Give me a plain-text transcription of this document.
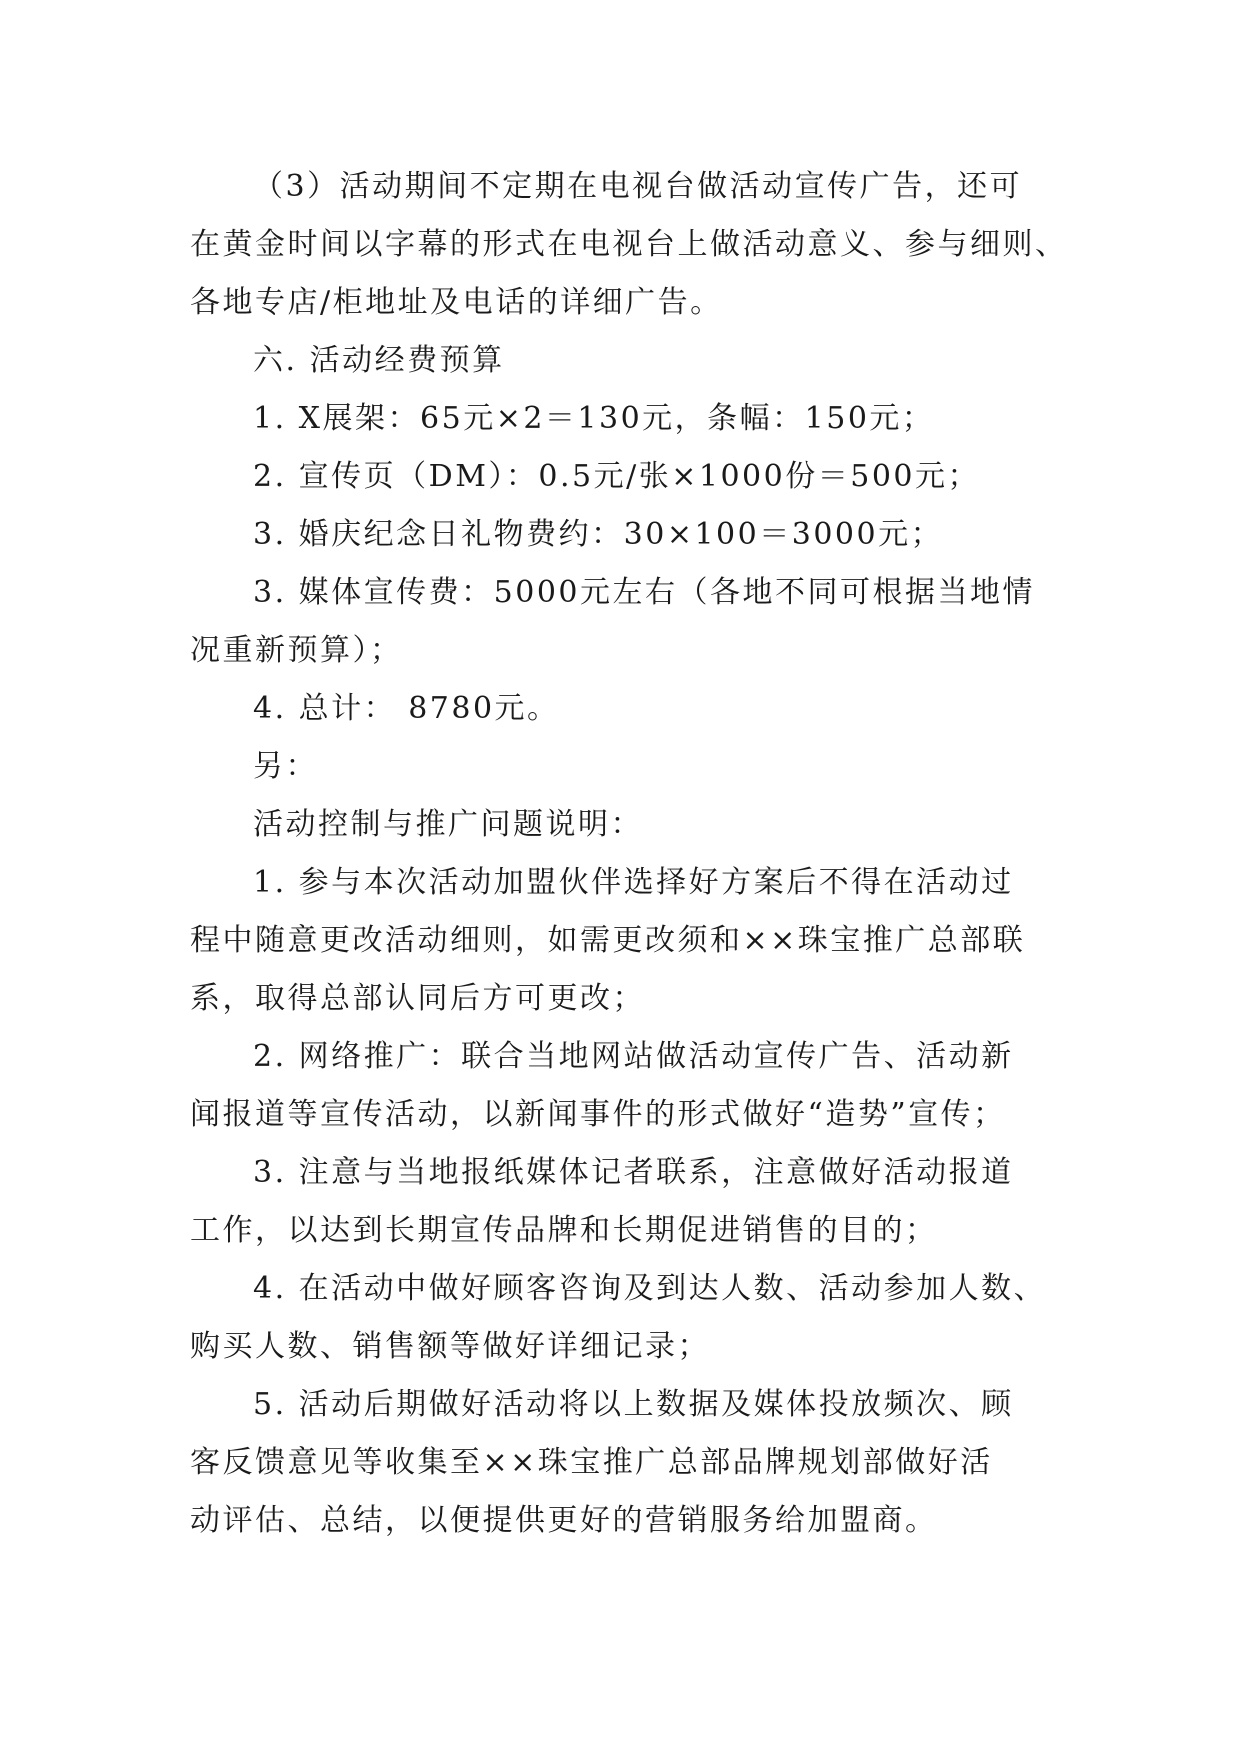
（3）活动期间不定期在电视台做活动宣传广告，还可
在黄金时间以字幕的形式在电视台上做活动意义、参与细则、
各地专店/柜地址及电话的详细广告。
六. 活动经费预算
1. X展架：65元×2＝130元，条幅：150元；
2. 宣传页（DM）：0.5元/张×1000份＝500元；
3. 婚庆纪念日礼物费约：30×100＝3000元；
3. 媒体宣传费：5000元左右（各地不同可根据当地情
况重新预算）；
4. 总计： 8780元。
另：
活动控制与推广问题说明：
1. 参与本次活动加盟伙伴选择好方案后不得在活动过
程中随意更改活动细则，如需更改须和××珠宝推广总部联
系，取得总部认同后方可更改；
2. 网络推广：联合当地网站做活动宣传广告、活动新
闻报道等宣传活动，以新闻事件的形式做好“造势”宣传；
3. 注意与当地报纸媒体记者联系，注意做好活动报道
工作，以达到长期宣传品牌和长期促进销售的目的；
4. 在活动中做好顾客咨询及到达人数、活动参加人数、
购买人数、销售额等做好详细记录；
5. 活动后期做好活动将以上数据及媒体投放频次、顾
客反馈意见等收集至××珠宝推广总部品牌规划部做好活
动评估、总结，以便提供更好的营销服务给加盟商。
